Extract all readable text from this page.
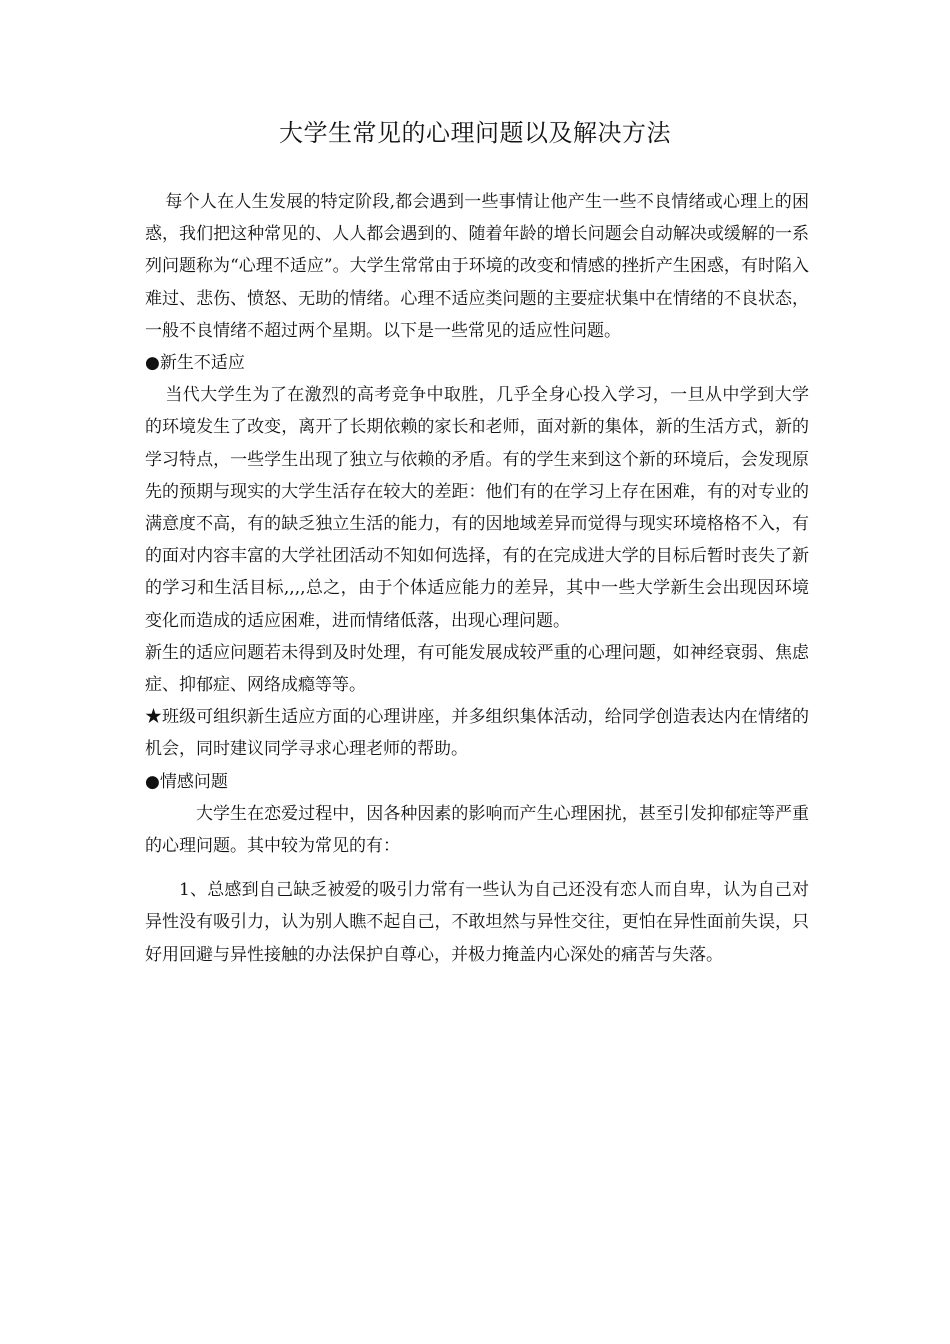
大学生常见的心理问题以及解决方法

每个人在人生发展的特定阶段,都会遇到一些事情让他产生一些不良情绪或心理上的困惑，我们把这种常见的、人人都会遇到的、随着年龄的增长问题会自动解决或缓解的一系列问题称为“心理不适应”。大学生常常由于环境的改变和情感的挫折产生困惑，有时陷入难过、悲伤、愤怒、无助的情绪。心理不适应类问题的主要症状集中在情绪的不良状态，一般不良情绪不超过两个星期。以下是一些常见的适应性问题。

●新生不适应

当代大学生为了在激烈的高考竞争中取胜，几乎全身心投入学习，一旦从中学到大学的环境发生了改变，离开了长期依赖的家长和老师，面对新的集体，新的生活方式，新的学习特点，一些学生出现了独立与依赖的矛盾。有的学生来到这个新的环境后，会发现原先的预期与现实的大学生活存在较大的差距：他们有的在学习上存在困难，有的对专业的满意度不高，有的缺乏独立生活的能力，有的因地域差异而觉得与现实环境格格不入，有的面对内容丰富的大学社团活动不知如何选择，有的在完成进大学的目标后暂时丧失了新的学习和生活目标,,,,总之，由于个体适应能力的差异，其中一些大学新生会出现因环境变化而造成的适应困难，进而情绪低落，出现心理问题。

新生的适应问题若未得到及时处理，有可能发展成较严重的心理问题，如神经衰弱、焦虑症、抑郁症、网络成瘾等等。

★班级可组织新生适应方面的心理讲座，并多组织集体活动，给同学创造表达内在情绪的机会，同时建议同学寻求心理老师的帮助。

●情感问题

大学生在恋爱过程中，因各种因素的影响而产生心理困扰，甚至引发抑郁症等严重的心理问题。其中较为常见的有：

1、总感到自己缺乏被爱的吸引力常有一些认为自己还没有恋人而自卑，认为自己对异性没有吸引力，认为别人瞧不起自己，不敢坦然与异性交往，更怕在异性面前失误，只好用回避与异性接触的办法保护自尊心，并极力掩盖内心深处的痛苦与失落。
